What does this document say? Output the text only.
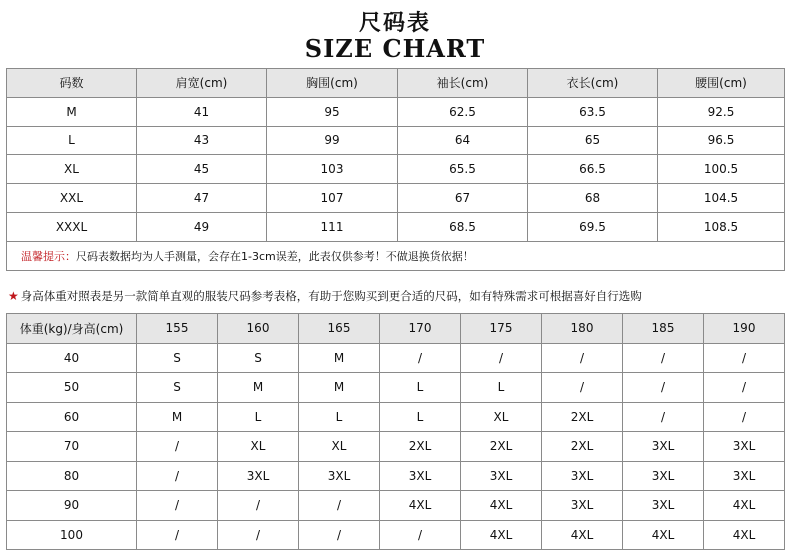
尺码表
SIZE CHART
码数	肩宽(cm)	胸围(cm)	袖长(cm)	衣长(cm)	腰围(cm)
M	41	95	62.5	63.5	92.5
L	43	99	64	65	96.5
XL	45	103	65.5	66.5	100.5
XXL	47	107	67	68	104.5
XXXL	49	111	68.5	69.5	108.5
温馨提示：尺码表数据均为人手测量，会存在1-3cm误差，此表仅供参考！不做退换货依据！					
★ 身高体重对照表是另一款简单直观的服装尺码参考表格，有助于您购买到更合适的尺码，如有特殊需求可根据喜好自行选购
体重(kg)/身高(cm)	155	160	165	170	175	180	185	190
40	S	S	M	/	/	/	/	/
50	S	M	M	L	L	/	/	/
60	M	L	L	L	XL	2XL	/	/
70	/	XL	XL	2XL	2XL	2XL	3XL	3XL
80	/	3XL	3XL	3XL	3XL	3XL	3XL	3XL
90	/	/	/	4XL	4XL	3XL	3XL	4XL
100	/	/	/	/	4XL	4XL	4XL	4XL
